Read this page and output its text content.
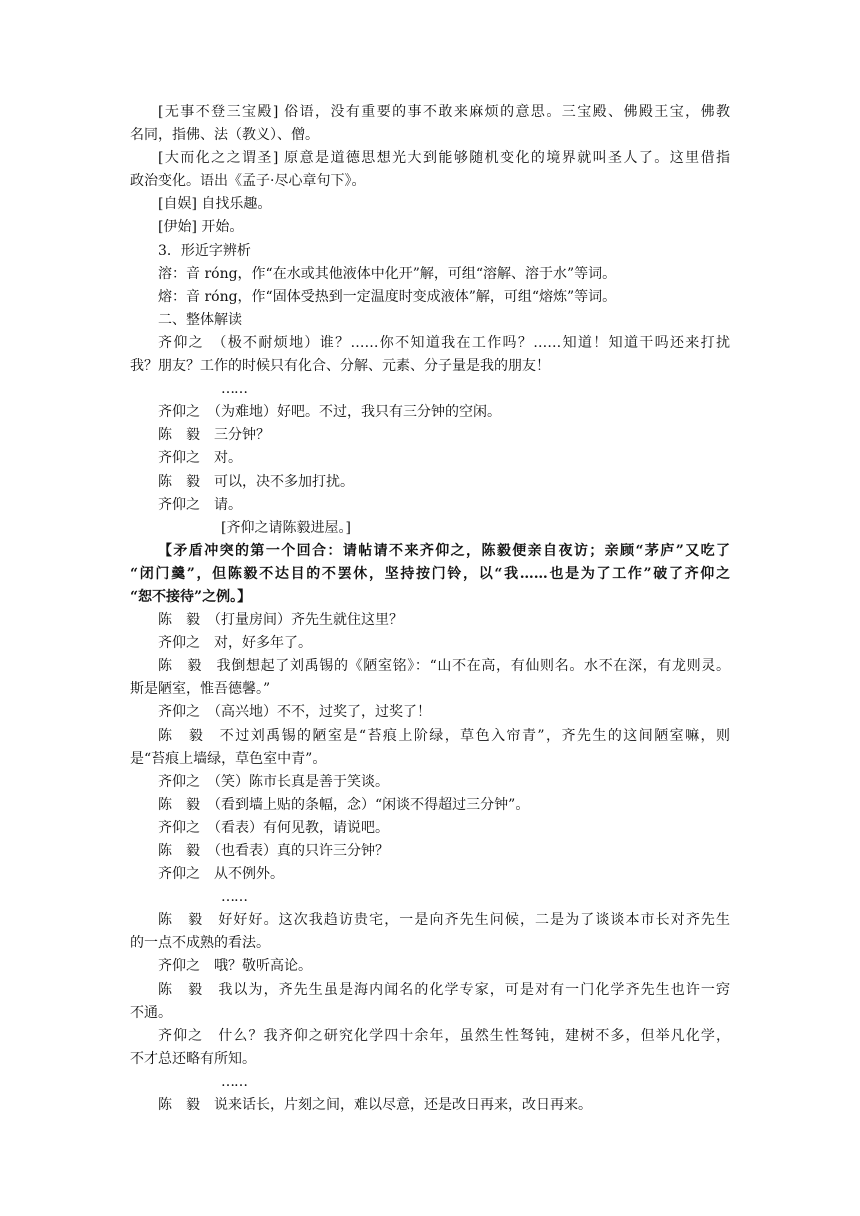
[无事不登三宝殿] 俗语，没有重要的事不敢来麻烦的意思。三宝殿、佛殿王宝，佛教
名同，指佛、法（教义）、僧。
[大而化之之谓圣] 原意是道德思想光大到能够随机变化的境界就叫圣人了。这里借指
政治变化。语出《孟子·尽心章句下》。
[自娱] 自找乐趣。
[伊始] 开始。
3．形近字辨析
溶：音 róng，作“在水或其他液体中化开”解，可组“溶解、溶于水”等词。
熔：音 róng，作“固体受热到一定温度时变成液体”解，可组“熔炼”等词。
二、整体解读
齐仰之　（极不耐烦地）谁？……你不知道我在工作吗？……知道！知道干吗还来打扰
我？朋友？工作的时候只有化合、分解、元素、分子量是我的朋友！
……
齐仰之　（为难地）好吧。不过，我只有三分钟的空闲。
陈　毅　三分钟？
齐仰之　对。
陈　毅　可以，决不多加打扰。
齐仰之　请。
[齐仰之请陈毅进屋。]
【矛盾冲突的第一个回合：请帖请不来齐仰之，陈毅便亲自夜访；亲顾“茅庐”又吃了
“闭门羹”，但陈毅不达目的不罢休，坚持按门铃，以“我……也是为了工作”破了齐仰之
“恕不接待”之例。】
陈　毅　（打量房间）齐先生就住这里？
齐仰之　对，好多年了。
陈　毅　我倒想起了刘禹锡的《陋室铭》：“山不在高，有仙则名。水不在深，有龙则灵。
斯是陋室，惟吾德馨。”
齐仰之　（高兴地）不不，过奖了，过奖了！
陈　毅　不过刘禹锡的陋室是“苔痕上阶绿，草色入帘青”，齐先生的这间陋室嘛，则
是“苔痕上墙绿，草色室中青”。
齐仰之　（笑）陈市长真是善于笑谈。
陈　毅　（看到墙上贴的条幅，念）“闲谈不得超过三分钟”。
齐仰之　（看表）有何见教，请说吧。
陈　毅　（也看表）真的只许三分钟？
齐仰之　从不例外。
……
陈　毅　好好好。这次我趋访贵宅，一是向齐先生问候，二是为了谈谈本市长对齐先生
的一点不成熟的看法。
齐仰之　哦？敬听高论。
陈　毅　我以为，齐先生虽是海内闻名的化学专家，可是对有一门化学齐先生也许一窍
不通。
齐仰之　什么？我齐仰之研究化学四十余年，虽然生性驽钝，建树不多，但举凡化学，
不才总还略有所知。
……
陈　毅　说来话长，片刻之间，难以尽意，还是改日再来，改日再来。
